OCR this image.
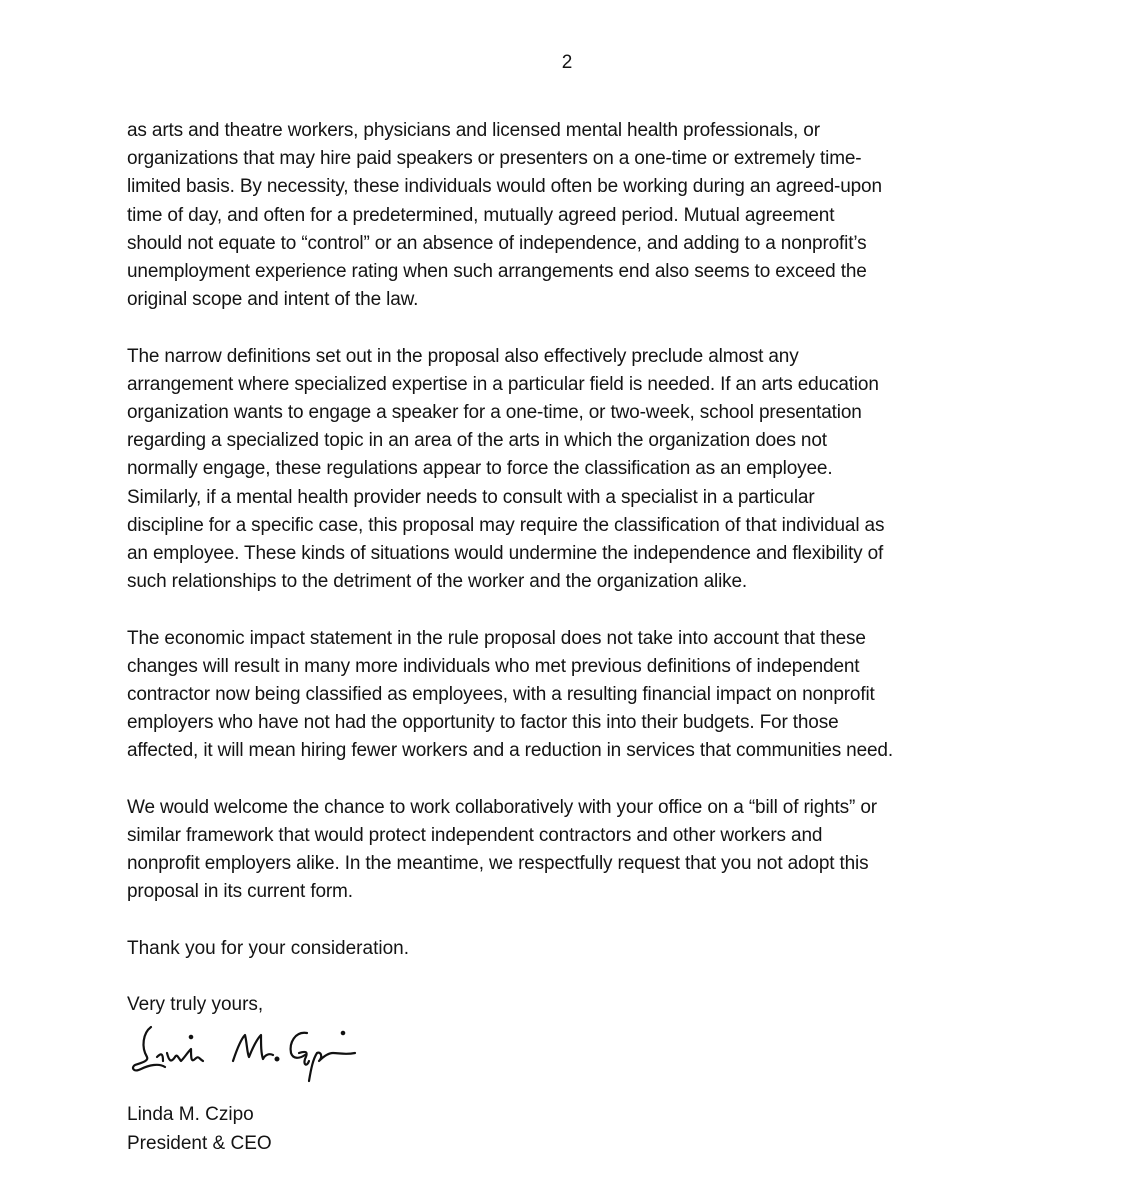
2
as arts and theatre workers, physicians and licensed mental health professionals, or
organizations that may hire paid speakers or presenters on a one-time or extremely time-
limited basis. By necessity, these individuals would often be working during an agreed-upon
time of day, and often for a predetermined, mutually agreed period. Mutual agreement
should not equate to “control” or an absence of independence, and adding to a nonprofit’s
unemployment experience rating when such arrangements end also seems to exceed the
original scope and intent of the law.
The narrow definitions set out in the proposal also effectively preclude almost any
arrangement where specialized expertise in a particular field is needed. If an arts education
organization wants to engage a speaker for a one-time, or two-week, school presentation
regarding a specialized topic in an area of the arts in which the organization does not
normally engage, these regulations appear to force the classification as an employee.
Similarly, if a mental health provider needs to consult with a specialist in a particular
discipline for a specific case, this proposal may require the classification of that individual as
an employee. These kinds of situations would undermine the independence and flexibility of
such relationships to the detriment of the worker and the organization alike.
The economic impact statement in the rule proposal does not take into account that these
changes will result in many more individuals who met previous definitions of independent
contractor now being classified as employees, with a resulting financial impact on nonprofit
employers who have not had the opportunity to factor this into their budgets. For those
affected, it will mean hiring fewer workers and a reduction in services that communities need.
We would welcome the chance to work collaboratively with your office on a “bill of rights” or
similar framework that would protect independent contractors and other workers and
nonprofit employers alike. In the meantime, we respectfully request that you not adopt this
proposal in its current form.
Thank you for your consideration.
Very truly yours,
Linda M. Czipo
President & CEO
